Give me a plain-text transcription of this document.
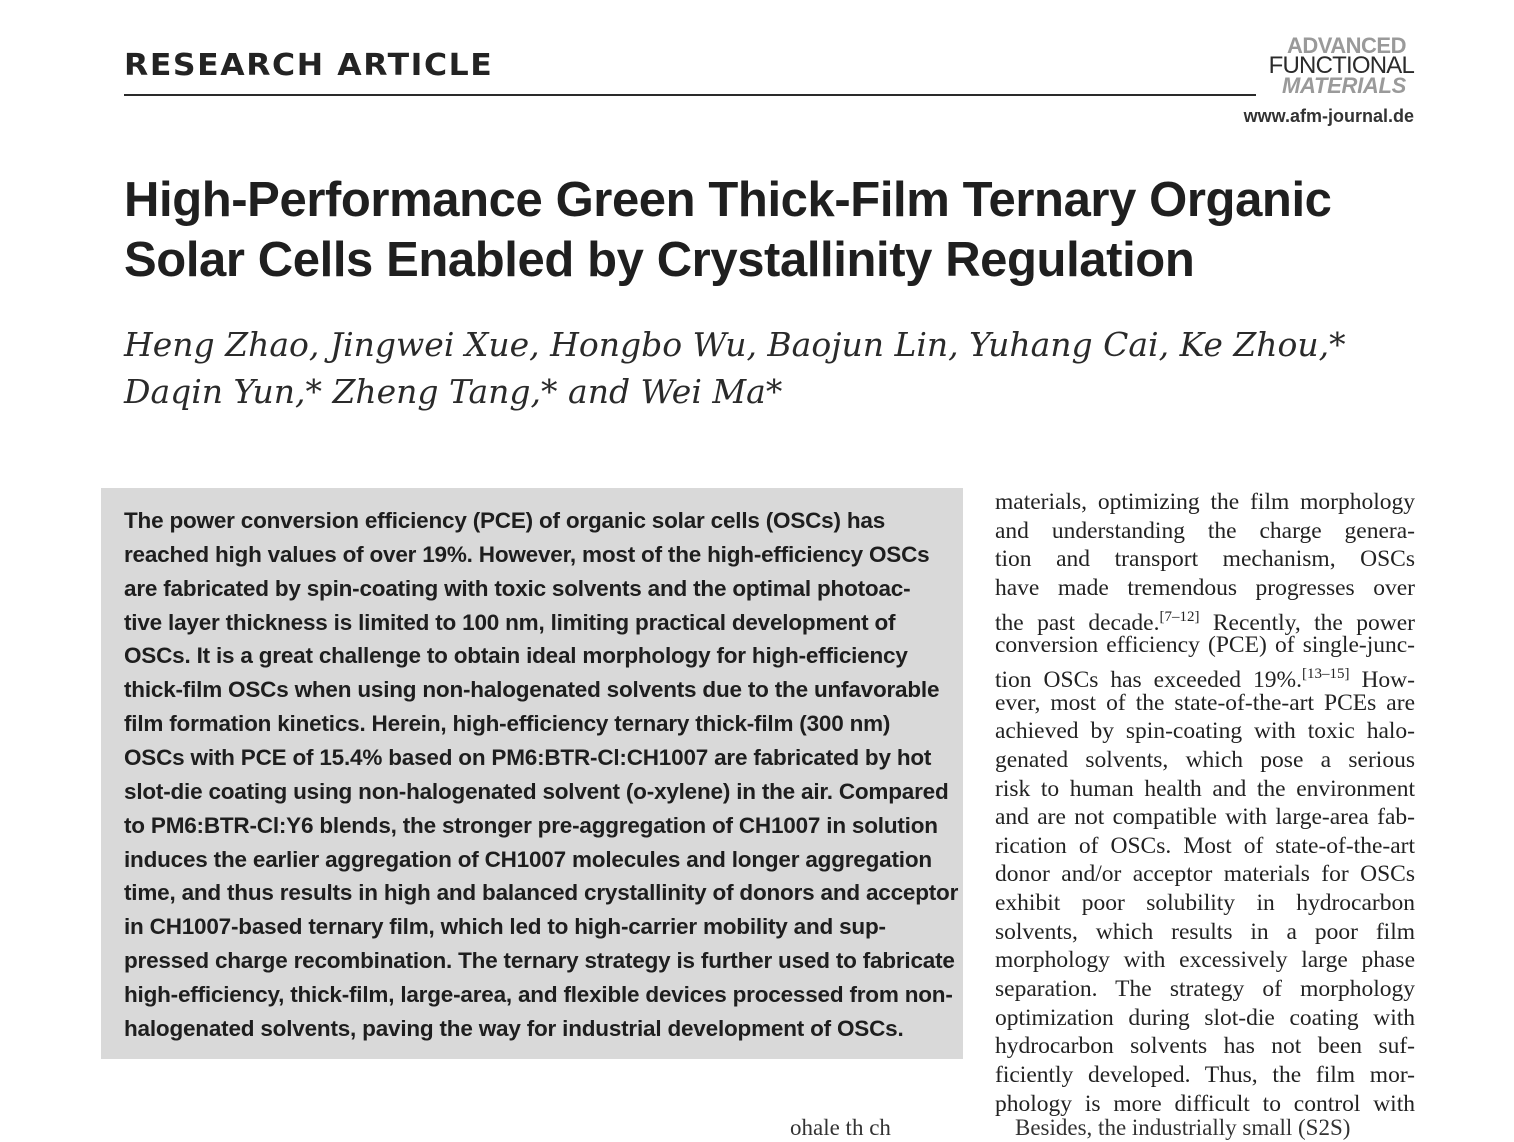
RESEARCH ARTICLE
ADVANCED
FUNCTIONAL
MATERIALS
www.afm-journal.de
High-Performance Green Thick-Film Ternary Organic Solar Cells Enabled by Crystallinity Regulation

Heng Zhao, Jingwei Xue, Hongbo Wu, Baojun Lin, Yuhang Cai, Ke Zhou,* Daqin Yun,* Zheng Tang,* and Wei Ma*

The power conversion efficiency (PCE) of organic solar cells (OSCs) has
reached high values of over 19%. However, most of the high-efficiency OSCs
are fabricated by spin-coating with toxic solvents and the optimal photoac-
tive layer thickness is limited to 100 nm, limiting practical development of
OSCs. It is a great challenge to obtain ideal morphology for high-efficiency
thick-film OSCs when using non-halogenated solvents due to the unfavorable
film formation kinetics. Herein, high-efficiency ternary thick-film (300 nm)
OSCs with PCE of 15.4% based on PM6:BTR-Cl:CH1007 are fabricated by hot
slot-die coating using non-halogenated solvent (o-xylene) in the air. Compared
to PM6:BTR-Cl:Y6 blends, the stronger pre-aggregation of CH1007 in solution
induces the earlier aggregation of CH1007 molecules and longer aggregation
time, and thus results in high and balanced crystallinity of donors and acceptor
in CH1007-based ternary film, which led to high-carrier mobility and sup-
pressed charge recombination. The ternary strategy is further used to fabricate
high-efficiency, thick-film, large-area, and flexible devices processed from non-
halogenated solvents, paving the way for industrial development of OSCs.
materials, optimizing the film morphology
and understanding the charge genera-
tion and transport mechanism, OSCs
have made tremendous progresses over
the past decade.[7–12] Recently, the power
conversion efficiency (PCE) of single-junc-
tion OSCs has exceeded 19%.[13–15] How-
ever, most of the state-of-the-art PCEs are
achieved by spin-coating with toxic halo-
genated solvents, which pose a serious
risk to human health and the environment
and are not compatible with large-area fab-
rication of OSCs. Most of state-of-the-art
donor and/or acceptor materials for OSCs
exhibit poor solubility in hydrocarbon
solvents, which results in a poor film
morphology with excessively large phase
separation. The strategy of morphology
optimization during slot-die coating with
hydrocarbon solvents has not been suf-
ficiently developed. Thus, the film mor-
phology is more difficult to control with
ohale th ch	Besides, the industrially small (S2S)
